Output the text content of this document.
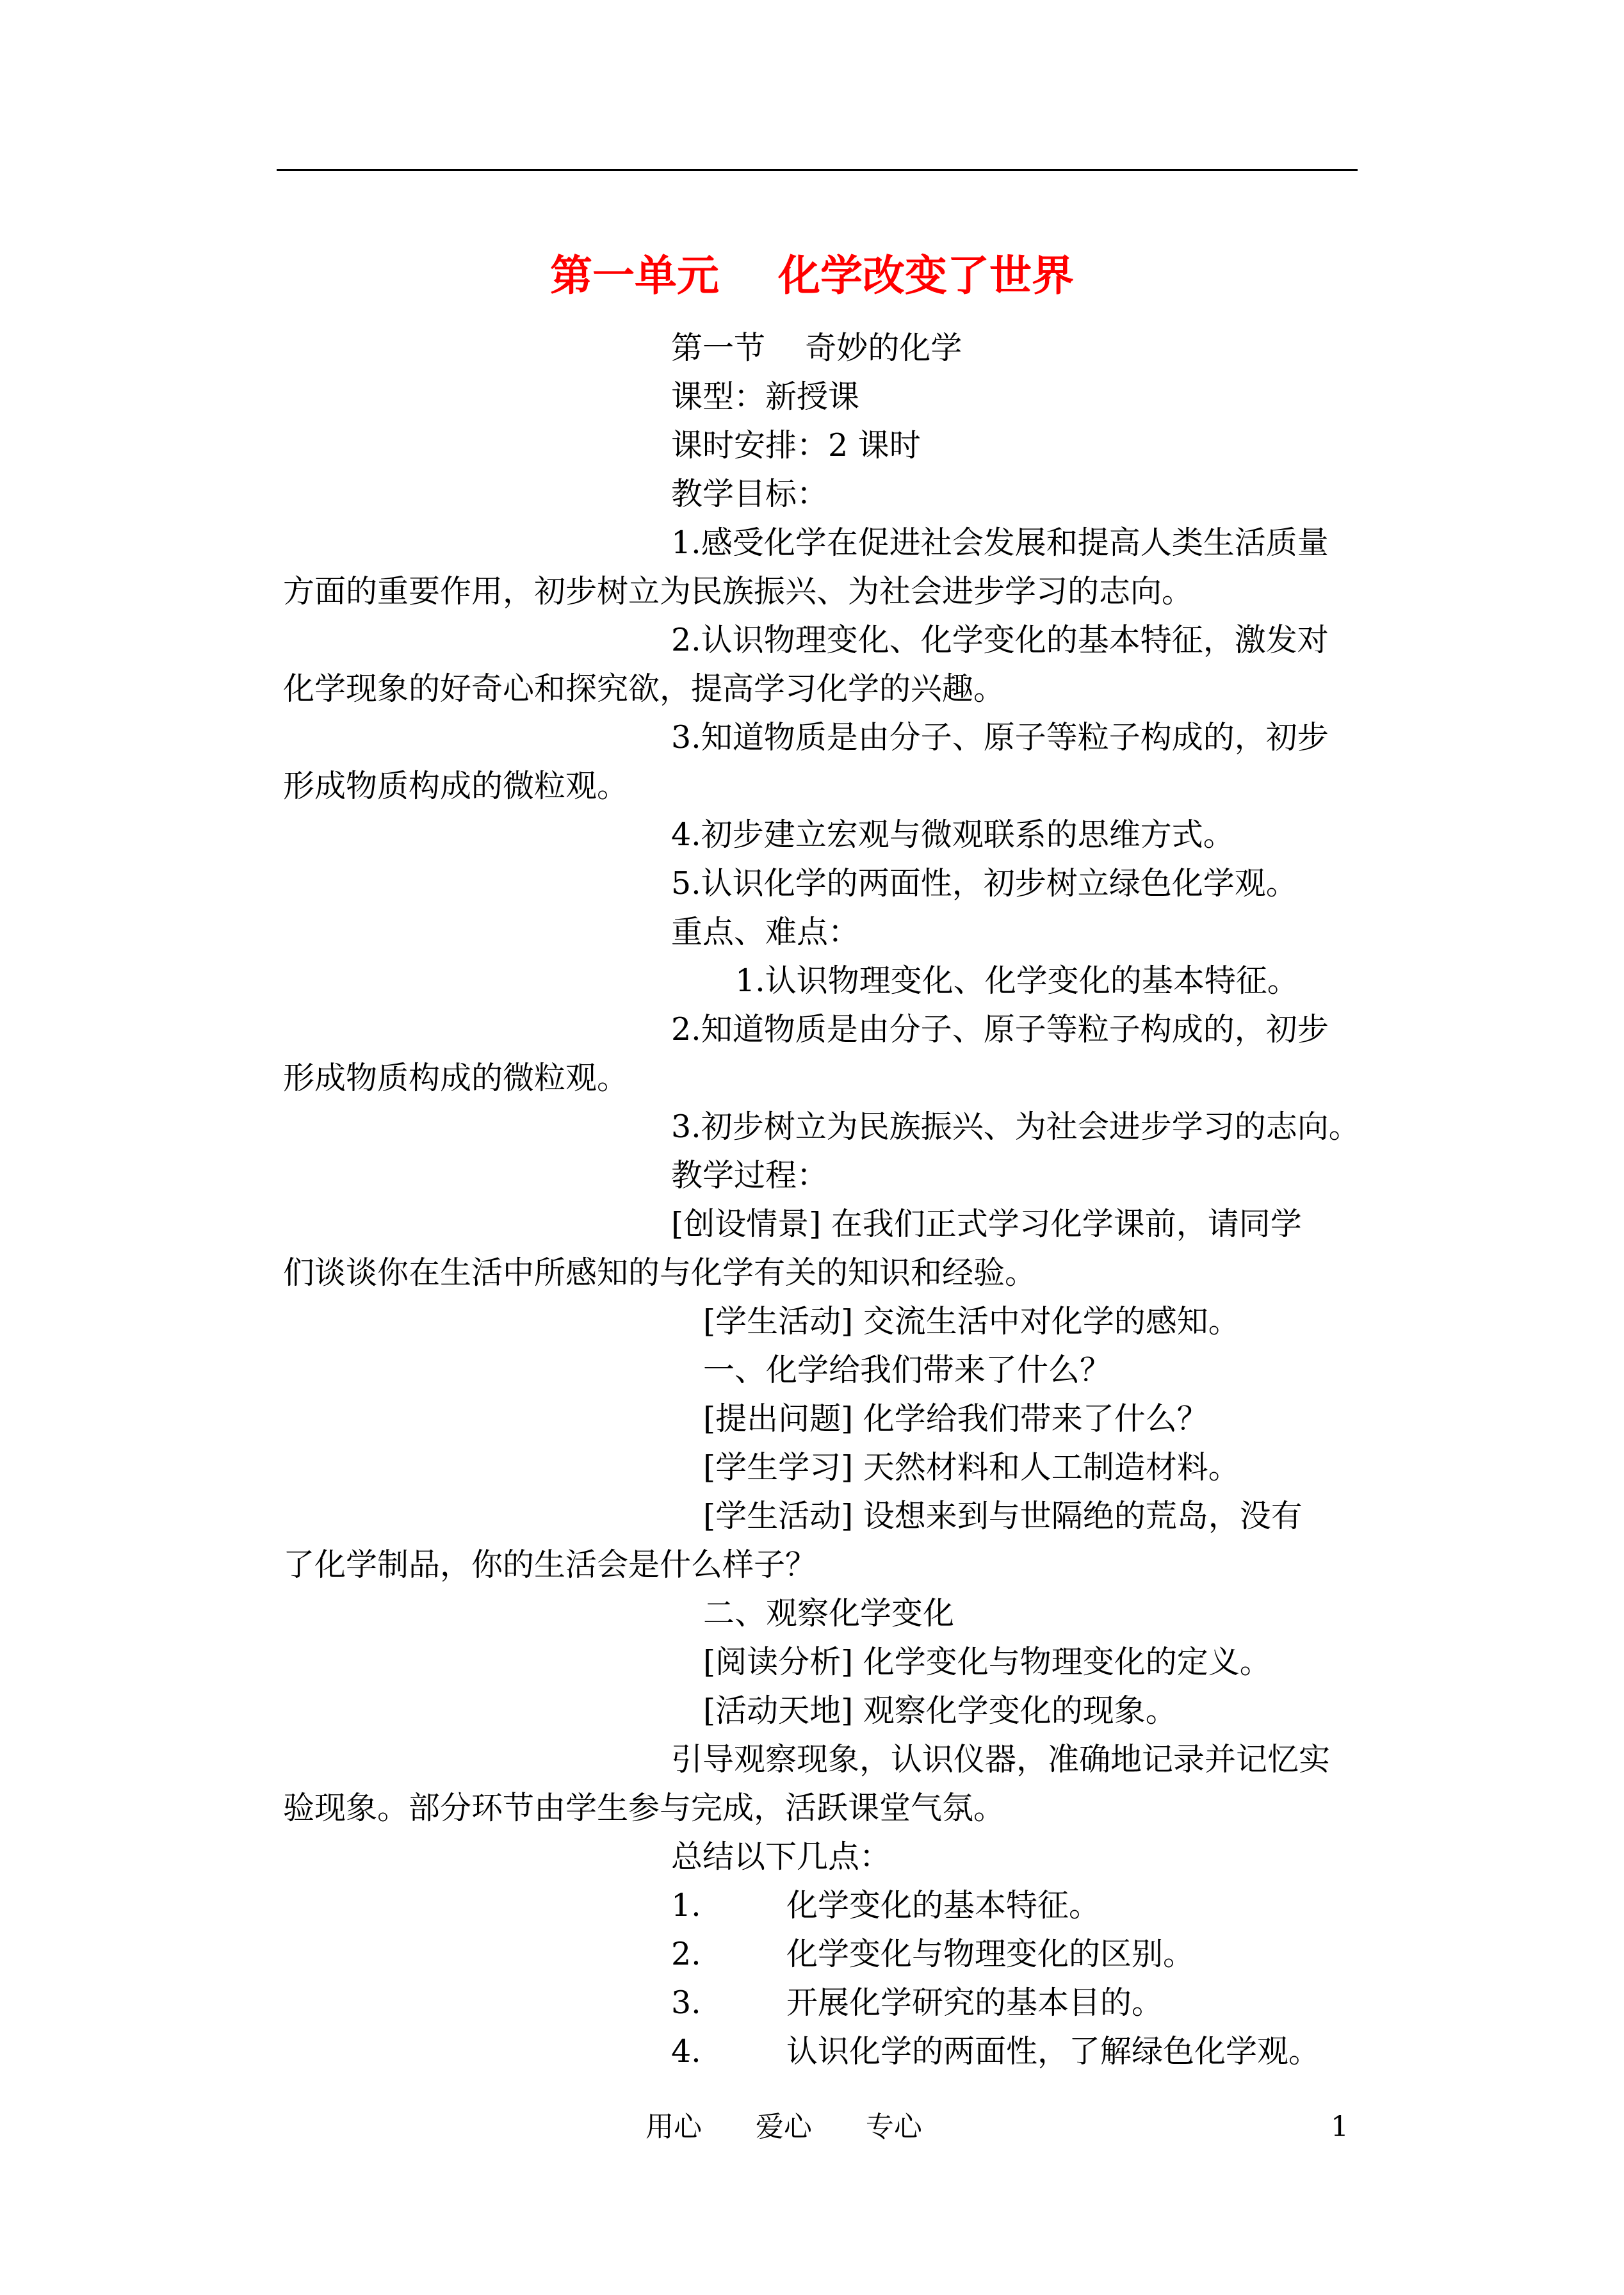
第一单元    化学改变了世界
第一节    奇妙的化学
课型：新授课
课时安排：2 课时
教学目标：
1.感受化学在促进社会发展和提高人类生活质量
方面的重要作用，初步树立为民族振兴、为社会进步学习的志向。
2.认识物理变化、化学变化的基本特征，激发对
化学现象的好奇心和探究欲，提高学习化学的兴趣。
3.知道物质是由分子、原子等粒子构成的，初步
形成物质构成的微粒观。
4.初步建立宏观与微观联系的思维方式。
5.认识化学的两面性，初步树立绿色化学观。
重点、难点：
1.认识物理变化、化学变化的基本特征。
2.知道物质是由分子、原子等粒子构成的，初步
形成物质构成的微粒观。
3.初步树立为民族振兴、为社会进步学习的志向。
教学过程：
[创设情景] 在我们正式学习化学课前，请同学
们谈谈你在生活中所感知的与化学有关的知识和经验。
[学生活动] 交流生活中对化学的感知。
一、化学给我们带来了什么？
[提出问题] 化学给我们带来了什么？
[学生学习] 天然材料和人工制造材料。
[学生活动] 设想来到与世隔绝的荒岛，没有
了化学制品，你的生活会是什么样子？
二、观察化学变化
[阅读分析] 化学变化与物理变化的定义。
[活动天地] 观察化学变化的现象。
引导观察现象，认识仪器，准确地记录并记忆实
验现象。部分环节由学生参与完成，活跃课堂气氛。
总结以下几点：
1.	化学变化的基本特征。
2.	化学变化与物理变化的区别。
3.	开展化学研究的基本目的。
4.	认识化学的两面性，了解绿色化学观。
用心      爱心      专心	1
